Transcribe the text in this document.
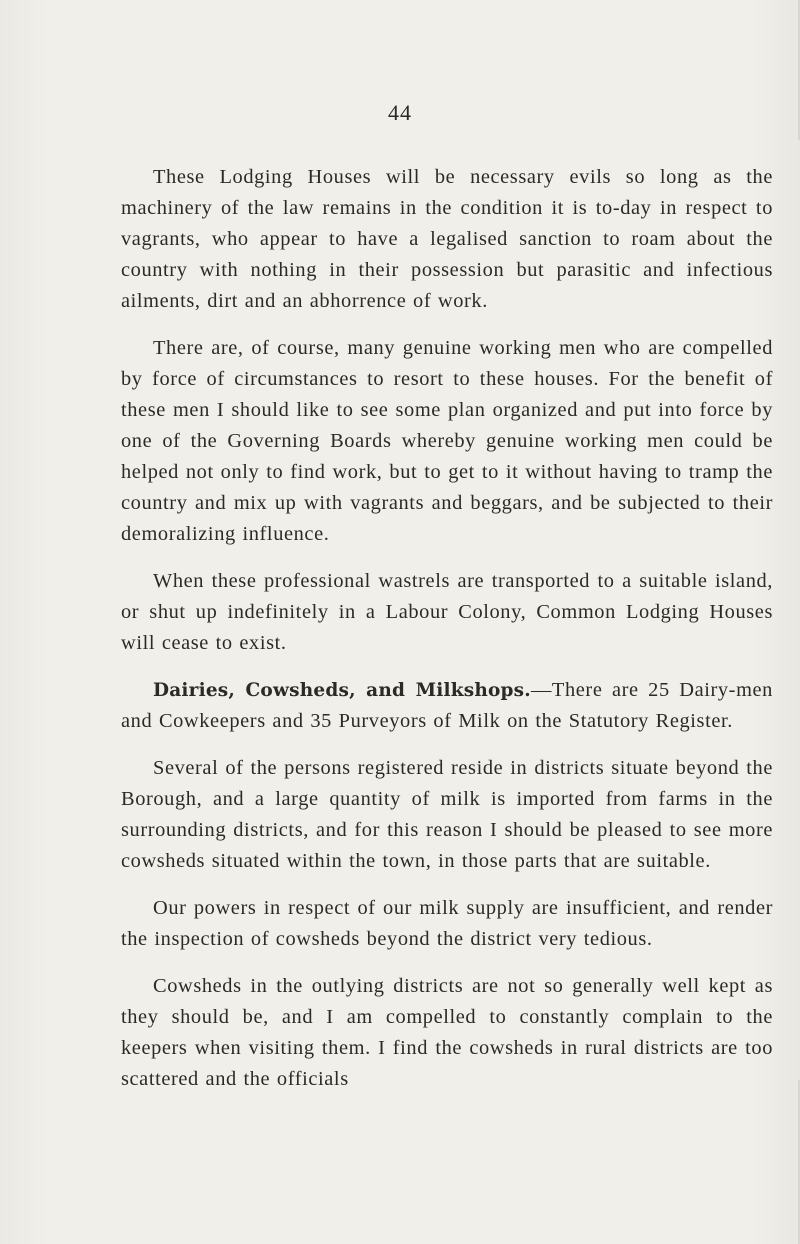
44

These Lodging Houses will be necessary evils so long as the machinery of the law remains in the condition it is to-day in respect to vagrants, who appear to have a legalised sanction to roam about the country with nothing in their possession but parasitic and infectious ailments, dirt and an abhorrence of work.

There are, of course, many genuine working men who are compelled by force of circumstances to resort to these houses. For the benefit of these men I should like to see some plan organized and put into force by one of the Governing Boards whereby genuine working men could be helped not only to find work, but to get to it without having to tramp the country and mix up with vagrants and beggars, and be subjected to their demoralizing influence.

When these professional wastrels are transported to a suitable island, or shut up indefinitely in a Labour Colony, Common Lodging Houses will cease to exist.

Dairies, Cowsheds, and Milkshops.—There are 25 Dairy-men and Cowkeepers and 35 Purveyors of Milk on the Statutory Register.

Several of the persons registered reside in districts situate beyond the Borough, and a large quantity of milk is imported from farms in the surrounding districts, and for this reason I should be pleased to see more cowsheds situated within the town, in those parts that are suitable.

Our powers in respect of our milk supply are insufficient, and render the inspection of cowsheds beyond the district very tedious.

Cowsheds in the outlying districts are not so generally well kept as they should be, and I am compelled to constantly complain to the keepers when visiting them. I find the cowsheds in rural districts are too scattered and the officials
